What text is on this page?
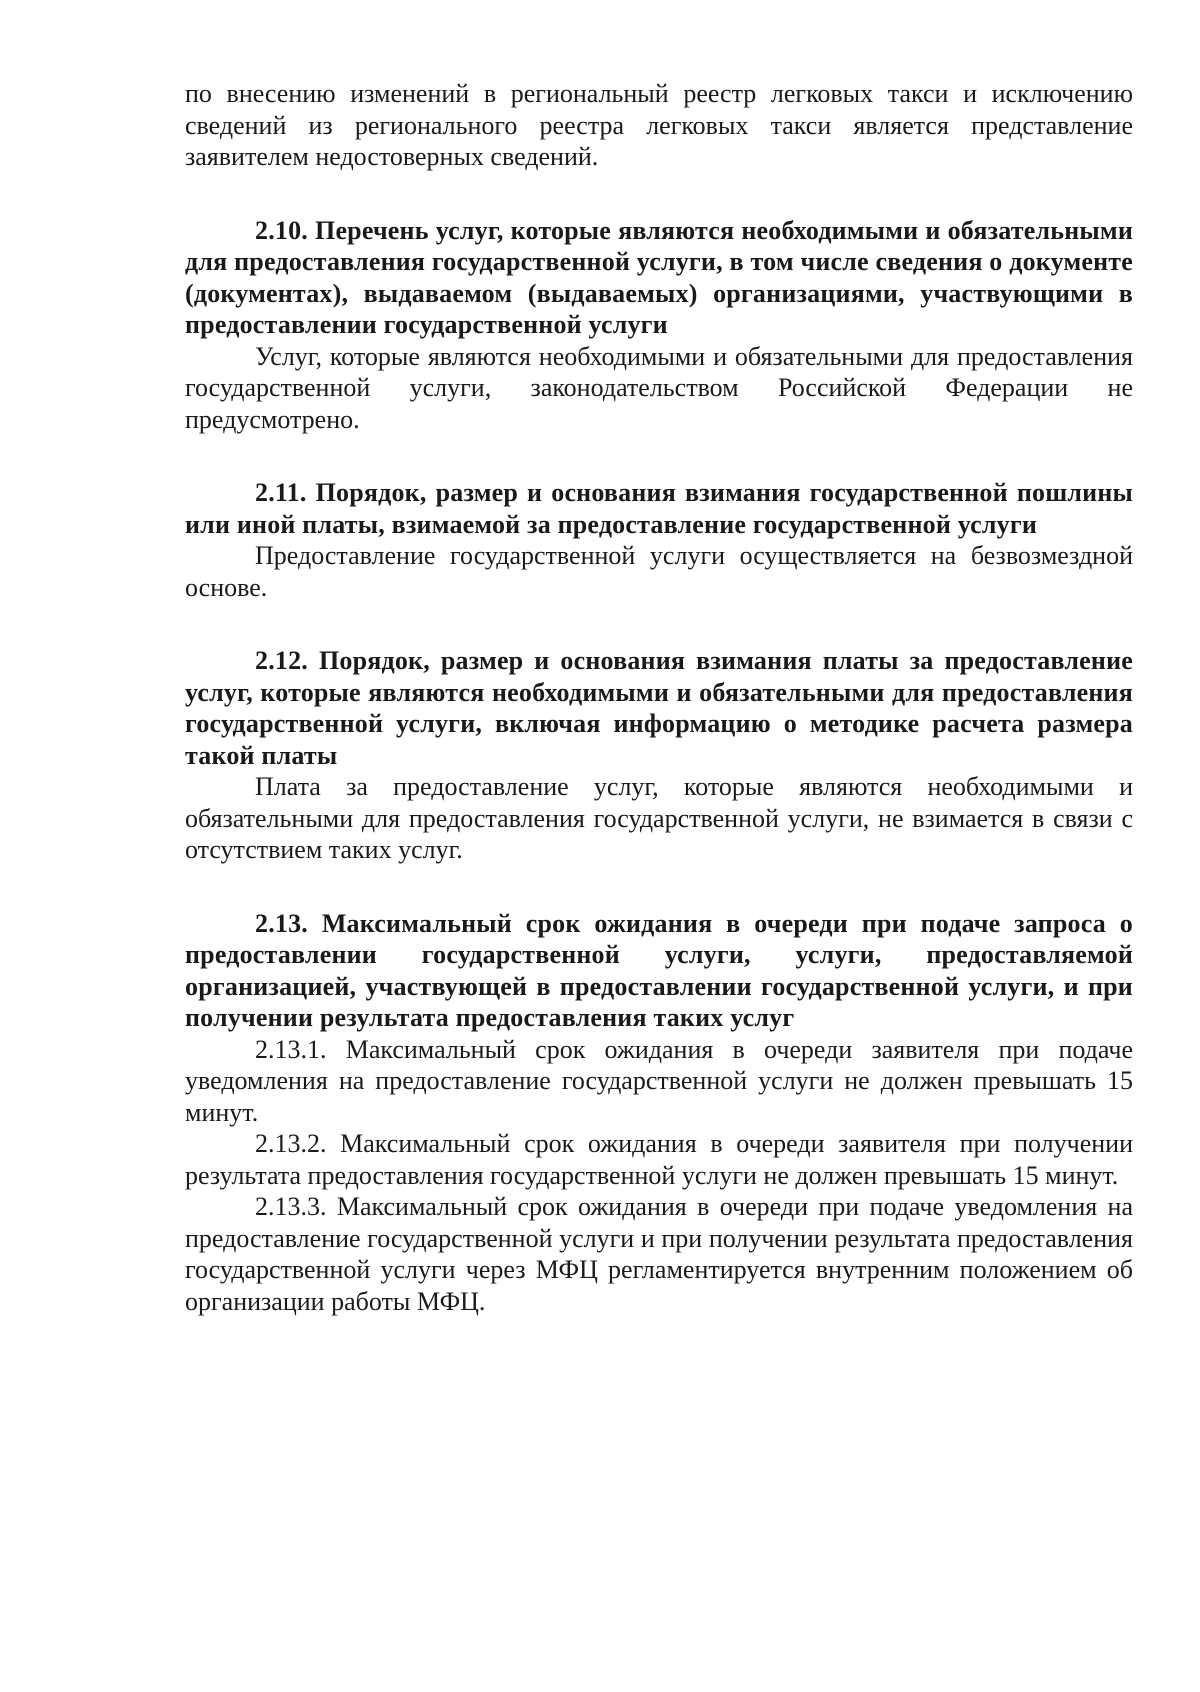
по внесению изменений в региональный реестр легковых такси и исключению сведений из регионального реестра легковых такси является представление заявителем недостоверных сведений.

2.10. Перечень услуг, которые являются необходимыми и обязательными для предоставления государственной услуги, в том числе сведения о документе (документах), выдаваемом (выдаваемых) организациями, участвующими в предоставлении государственной услуги

Услуг, которые являются необходимыми и обязательными для предоставления государственной услуги, законодательством Российской Федерации не предусмотрено.

2.11. Порядок, размер и основания взимания государственной пошлины или иной платы, взимаемой за предоставление государственной услуги

Предоставление государственной услуги осуществляется на безвозмездной основе.

2.12. Порядок, размер и основания взимания платы за предоставление услуг, которые являются необходимыми и обязательными для предоставления государственной услуги, включая информацию о методике расчета размера такой платы

Плата за предоставление услуг, которые являются необходимыми и обязательными для предоставления государственной услуги, не взимается в связи с отсутствием таких услуг.

2.13. Максимальный срок ожидания в очереди при подаче запроса о предоставлении государственной услуги, услуги, предоставляемой организацией, участвующей в предоставлении государственной услуги, и при получении результата предоставления таких услуг

2.13.1. Максимальный срок ожидания в очереди заявителя при подаче уведомления на предоставление государственной услуги не должен превышать 15 минут.

2.13.2. Максимальный срок ожидания в очереди заявителя при получении результата предоставления государственной услуги не должен превышать 15 минут.

2.13.3. Максимальный срок ожидания в очереди при подаче уведомления на предоставление государственной услуги и при получении результата предоставления государственной услуги через МФЦ регламентируется внутренним положением об организации работы МФЦ.
